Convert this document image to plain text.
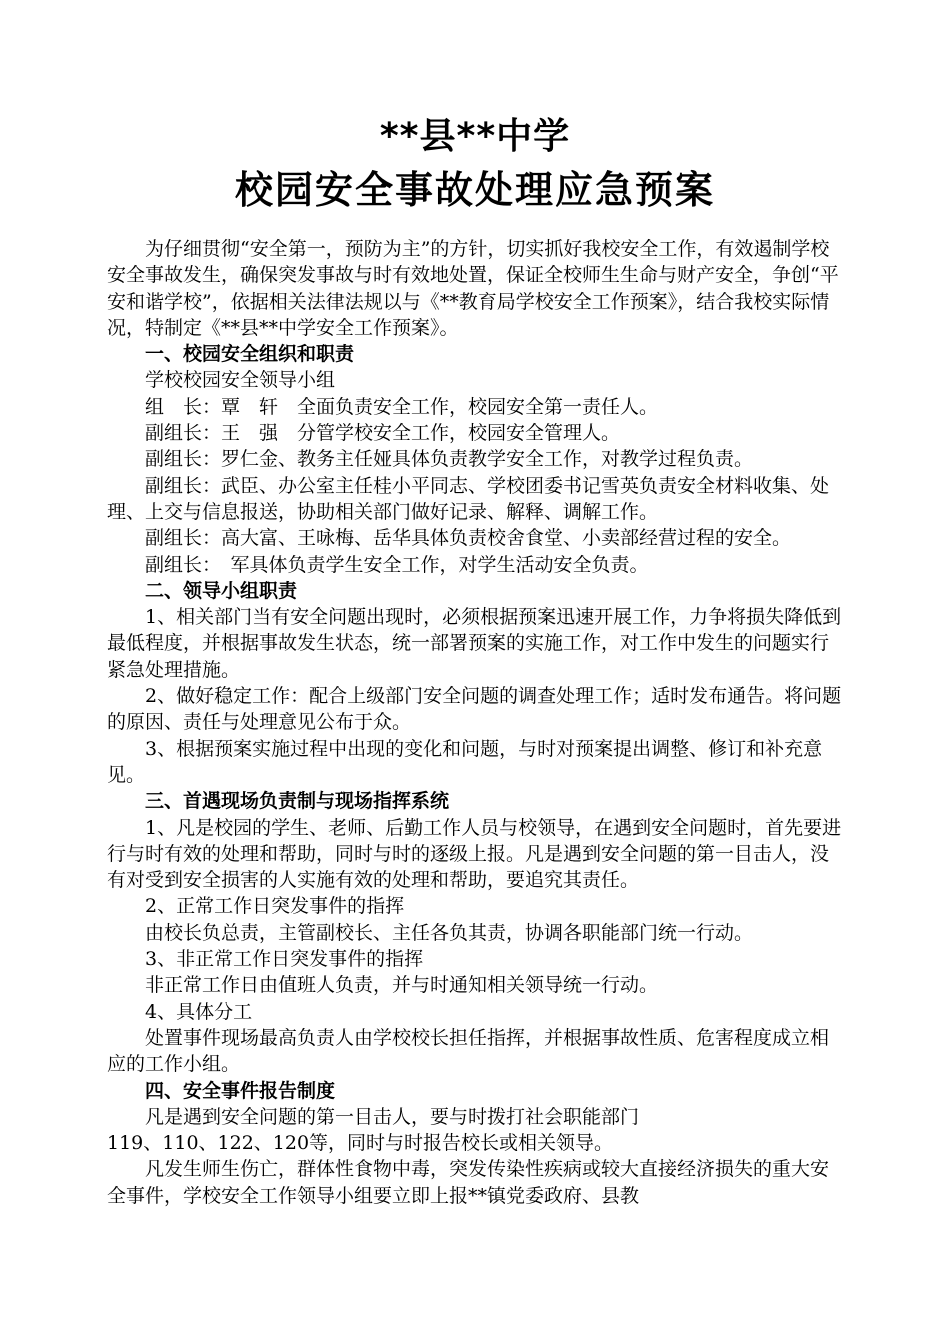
**县**中学
校园安全事故处理应急预案

为仔细贯彻“安全第一，预防为主”的方针，切实抓好我校安全工作，有效遏制学校安全事故发生，确保突发事故与时有效地处置，保证全校师生生命与财产安全，争创“平安和谐学校”，依据相关法律法规以与《**教育局学校安全工作预案》，结合我校实际情况，特制定《**县**中学安全工作预案》。

一、校园安全组织和职责

学校校园安全领导小组

组　长：覃　轩　全面负责安全工作，校园安全第一责任人。

副组长：王　强　分管学校安全工作，校园安全管理人。

副组长：罗仁金、教务主任娅具体负责教学安全工作，对教学过程负责。

副组长：武臣、办公室主任桂小平同志、学校团委书记雪英负责安全材料收集、处理、上交与信息报送，协助相关部门做好记录、解释、调解工作。

副组长：高大富、王咏梅、岳华具体负责校舍食堂、小卖部经营过程的安全。

副组长：　军具体负责学生安全工作，对学生活动安全负责。

二、领导小组职责

1、相关部门当有安全问题出现时，必须根据预案迅速开展工作，力争将损失降低到最低程度，并根据事故发生状态，统一部署预案的实施工作，对工作中发生的问题实行紧急处理措施。

2、做好稳定工作：配合上级部门安全问题的调查处理工作；适时发布通告。将问题的原因、责任与处理意见公布于众。

3、根据预案实施过程中出现的变化和问题，与时对预案提出调整、修订和补充意见。

三、首遇现场负责制与现场指挥系统

1、凡是校园的学生、老师、后勤工作人员与校领导，在遇到安全问题时，首先要进行与时有效的处理和帮助，同时与时的逐级上报。凡是遇到安全问题的第一目击人，没有对受到安全损害的人实施有效的处理和帮助，要追究其责任。

2、正常工作日突发事件的指挥

由校长负总责，主管副校长、主任各负其责，协调各职能部门统一行动。

3、非正常工作日突发事件的指挥

非正常工作日由值班人负责，并与时通知相关领导统一行动。

4、具体分工

处置事件现场最高负责人由学校校长担任指挥，并根据事故性质、危害程度成立相应的工作小组。

四、安全事件报告制度

凡是遇到安全问题的第一目击人，要与时拨打社会职能部门

119、110、122、120等，同时与时报告校长或相关领导。

凡发生师生伤亡，群体性食物中毒，突发传染性疾病或较大直接经济损失的重大安全事件，学校安全工作领导小组要立即上报**镇党委政府、县教
